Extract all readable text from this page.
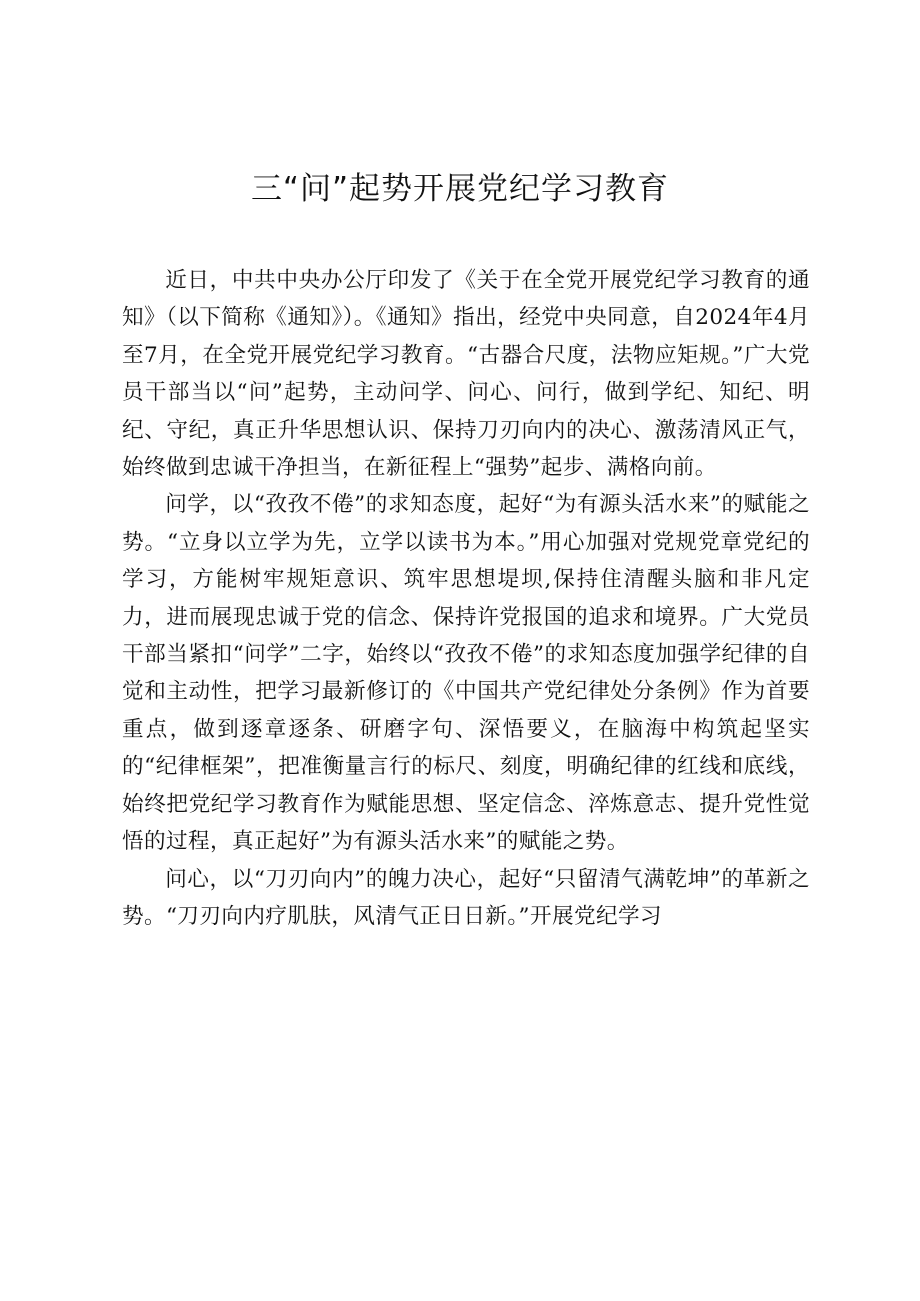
三“问”起势开展党纪学习教育

近日，中共中央办公厅印发了《关于在全党开展党纪学习教育的通知》（以下简称《通知》）。《通知》指出，经党中央同意，自2024年4月至7月，在全党开展党纪学习教育。“古器合尺度，法物应矩规。”广大党员干部当以“问”起势，主动问学、问心、问行，做到学纪、知纪、明纪、守纪，真正升华思想认识、保持刀刃向内的决心、激荡清风正气，始终做到忠诚干净担当，在新征程上“强势”起步、满格向前。

问学，以“孜孜不倦”的求知态度，起好“为有源头活水来”的赋能之势。“立身以立学为先，立学以读书为本。”用心加强对党规党章党纪的学习，方能树牢规矩意识、筑牢思想堤坝,保持住清醒头脑和非凡定力，进而展现忠诚于党的信念、保持许党报国的追求和境界。广大党员干部当紧扣“问学”二字，始终以“孜孜不倦”的求知态度加强学纪律的自觉和主动性，把学习最新修订的《中国共产党纪律处分条例》作为首要重点，做到逐章逐条、研磨字句、深悟要义，在脑海中构筑起坚实的“纪律框架”，把准衡量言行的标尺、刻度，明确纪律的红线和底线，始终把党纪学习教育作为赋能思想、坚定信念、淬炼意志、提升党性觉悟的过程，真正起好”为有源头活水来”的赋能之势。

问心，以“刀刃向内”的魄力决心，起好“只留清气满乾坤”的革新之势。“刀刃向内疗肌肤，风清气正日日新。”开展党纪学习
